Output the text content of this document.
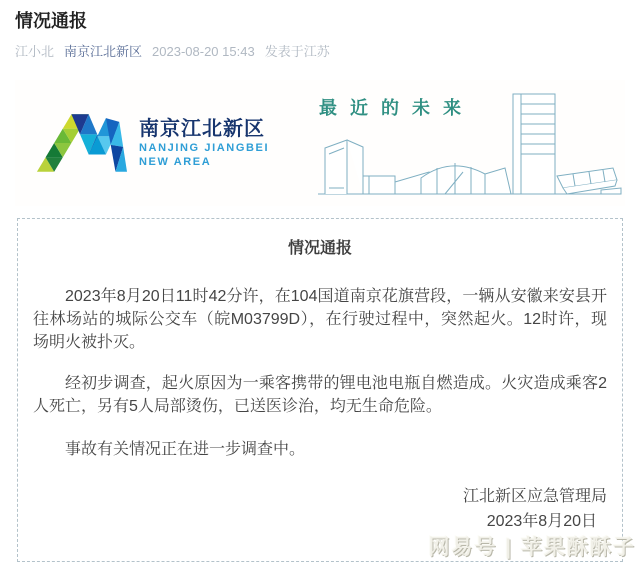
情况通报
江小北 南京江北新区 2023-08-20 15:43 发表于江苏
南京江北新区
NANJING JIANGBEI
NEW AREA
最近的未来
情况通报

2023年8月20日11时42分许，在104国道南京花旗营段，一辆从安徽来安县开往林场站的城际公交车（皖M03799D），在行驶过程中，突然起火。12时许，现场明火被扑灭。

经初步调查，起火原因为一乘客携带的锂电池电瓶自燃造成。火灾造成乘客2人死亡，另有5人局部烫伤，已送医诊治，均无生命危险。

事故有关情况正在进一步调查中。

江北新区应急管理局
2023年8月20日
网易号 | 苹果酥酥子
